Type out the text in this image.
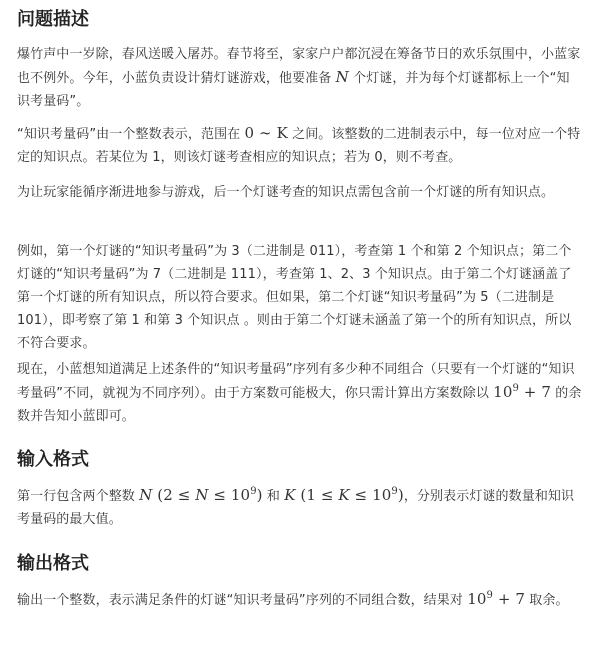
问题描述

爆竹声中一岁除，春风送暖入屠苏。春节将至，家家户户都沉浸在筹备节日的欢乐氛围中，小蓝家也不例外。今年，小蓝负责设计猜灯谜游戏，他要准备 N 个灯谜，并为每个灯谜都标上一个“知识考量码”。

“知识考量码”由一个整数表示，范围在 0 ∼ K 之间。该整数的二进制表示中，每一位对应一个特定的知识点。若某位为 1，则该灯谜考查相应的知识点；若为 0，则不考查。

为让玩家能循序渐进地参与游戏，后一个灯谜考查的知识点需包含前一个灯谜的所有知识点。

例如，第一个灯谜的“知识考量码”为 3（二进制是 011），考查第 1 个和第 2 个知识点；第二个灯谜的“知识考量码”为 7（二进制是 111），考查第 1、2、3 个知识点。由于第二个灯谜涵盖了第一个灯谜的所有知识点，所以符合要求。但如果，第二个灯谜“知识考量码”为 5（二进制是 101），即考察了第 1 和第 3 个知识点 。则由于第二个灯谜未涵盖了第一个的所有知识点，所以不符合要求。

现在，小蓝想知道满足上述条件的“知识考量码”序列有多少种不同组合（只要有一个灯谜的“知识考量码”不同，就视为不同序列）。由于方案数可能极大，你只需计算出方案数除以 $10^9 + 7$ 的余数并告知小蓝即可。

输入格式

第一行包含两个整数 N $(2 \le N \le 10^9)$ 和 K $(1 \le K \le 10^9)$，分别表示灯谜的数量和知识考量码的最大值。

输出格式

输出一个整数，表示满足条件的灯谜“知识考量码”序列的不同组合数，结果对 $10^9 + 7$ 取余。
